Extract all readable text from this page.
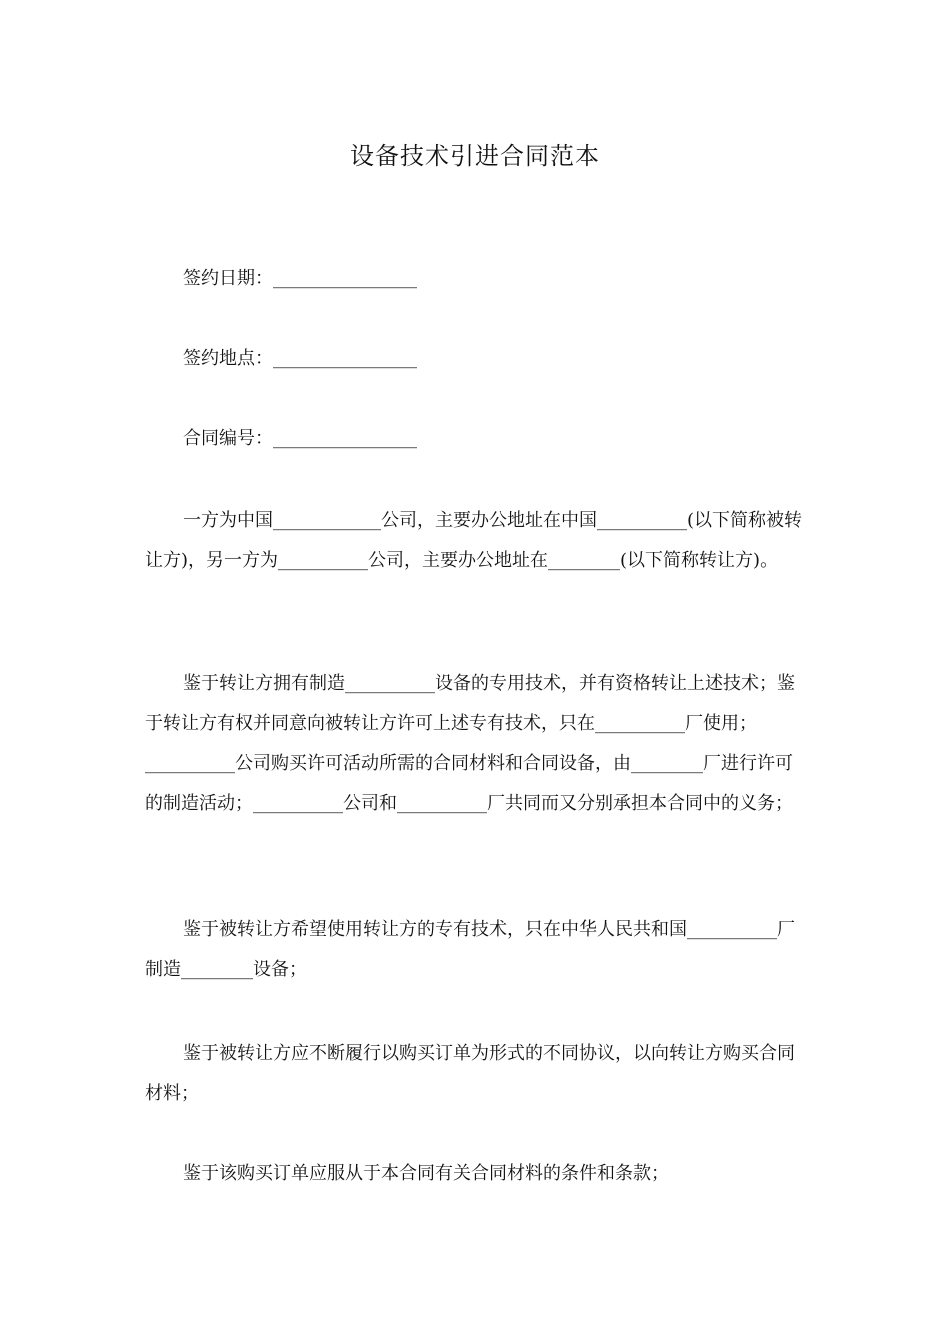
设备技术引进合同范本
签约日期：________________
签约地点：________________
合同编号：________________

一方为中国____________公司，主要办公地址在中国__________(以下简称被转让方)，另一方为__________公司，主要办公地址在________(以下简称转让方)。

鉴于转让方拥有制造__________设备的专用技术，并有资格转让上述技术；鉴于转让方有权并同意向被转让方许可上述专有技术，只在__________厂使用；__________公司购买许可活动所需的合同材料和合同设备，由________厂进行许可的制造活动；__________公司和__________厂共同而又分别承担本合同中的义务；

鉴于被转让方希望使用转让方的专有技术，只在中华人民共和国__________厂制造________设备；

鉴于被转让方应不断履行以购买订单为形式的不同协议，以向转让方购买合同材料；

鉴于该购买订单应服从于本合同有关合同材料的条件和条款；
